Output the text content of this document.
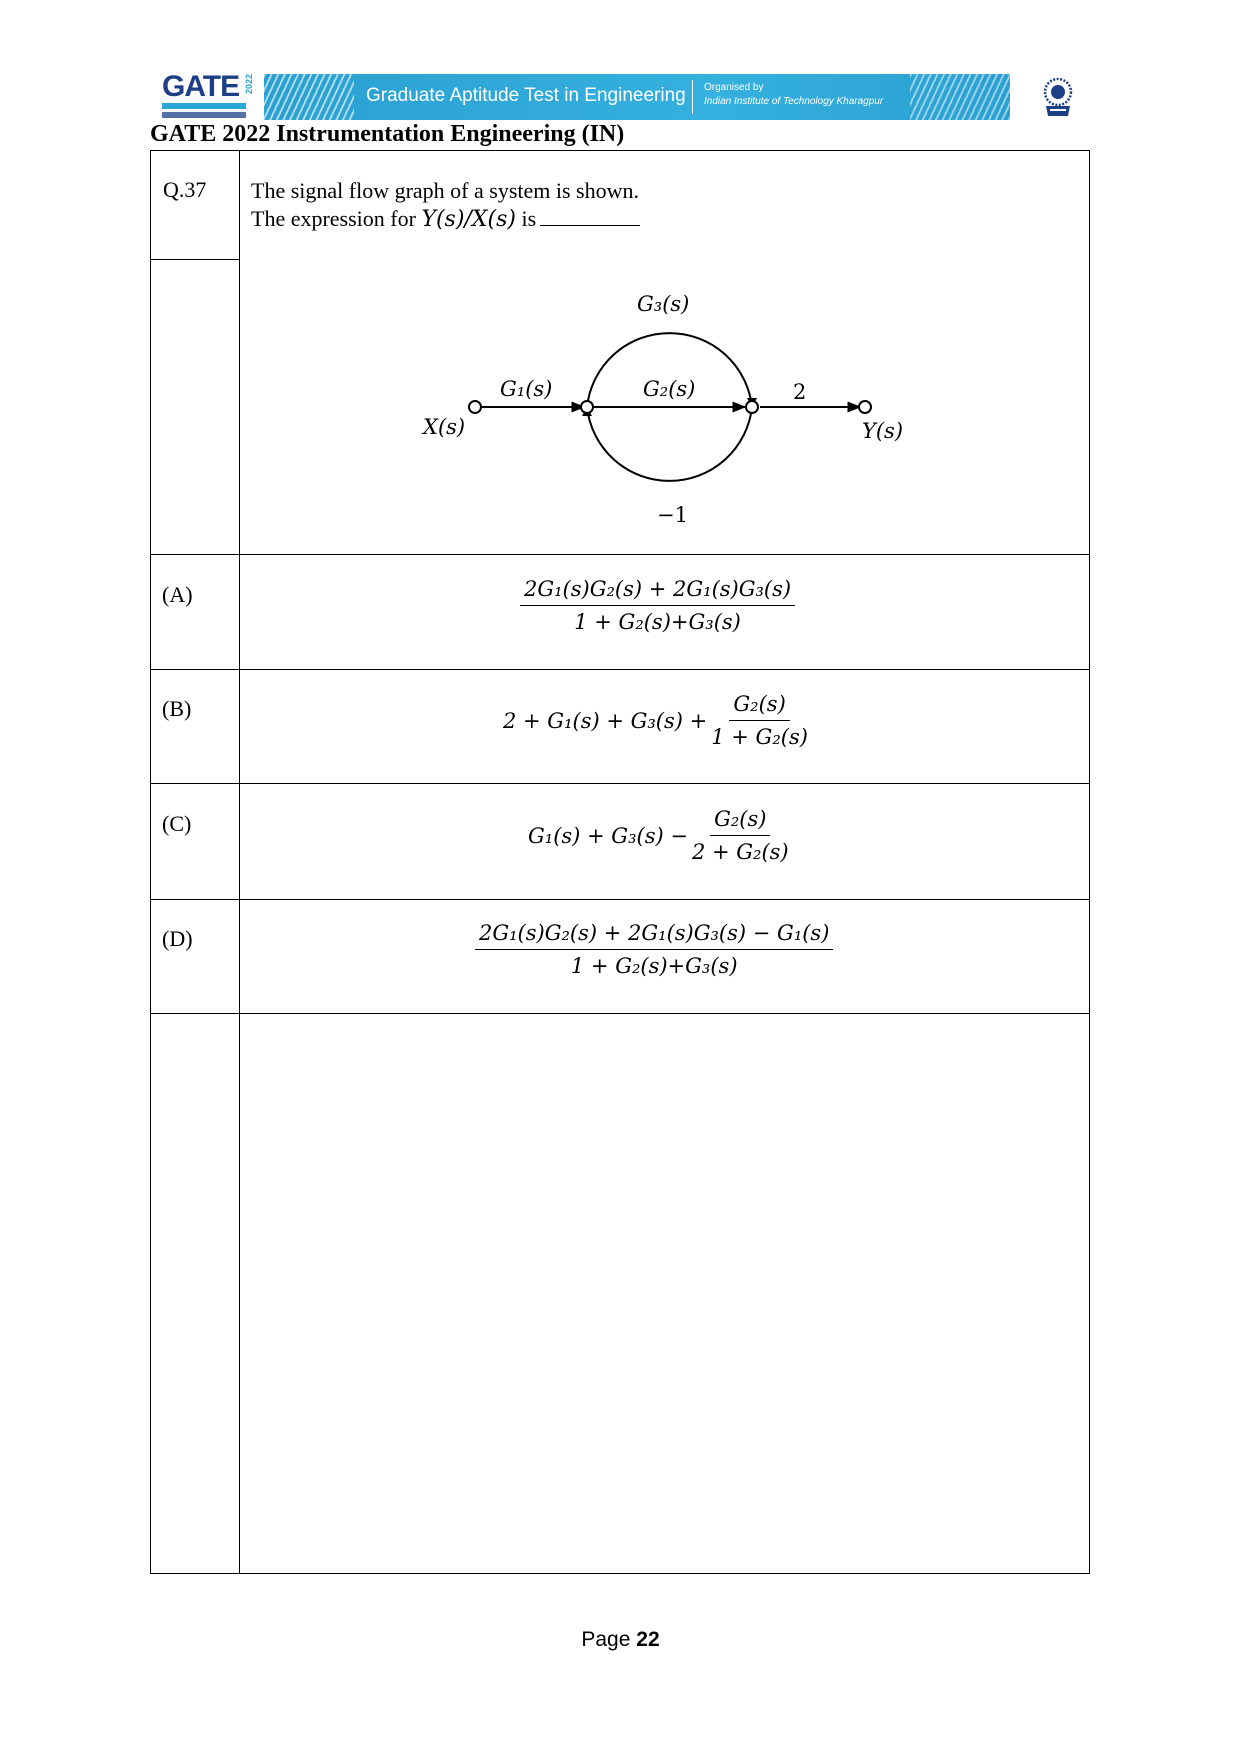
GATE 2022
Graduate Aptitude Test in Engineering Organised by
Indian Institute of Technology Kharagpur
GATE 2022 Instrumentation Engineering (IN)
Q.37 The signal flow graph of a system is shown.
The expression for Y(s)/X(s) is
X(s)	Y(s)
G₁(s)	G₂(s)
G₃(s)
2
−1
(A)	$\frac{\text{2G₁(s)G₂(s) + 2G₁(s)G₃(s)}}{\text{1 + G₂(s)+G₃(s)}}$
(B)	$2 + G_1(s) + G_3(s) + \frac{\text{G₂(s)}}{\text{1 + G₂(s)}}$
(C)	$G_1(s) + G_3(s) - \frac{\text{G₂(s)}}{\text{2 + G₂(s)}}$
(D)	$\frac{\text{2G₁(s)G₂(s) + 2G₁(s)G₃(s) − G₁(s)}}{\text{1 + G₂(s)+G₃(s)}}$
Page 22
